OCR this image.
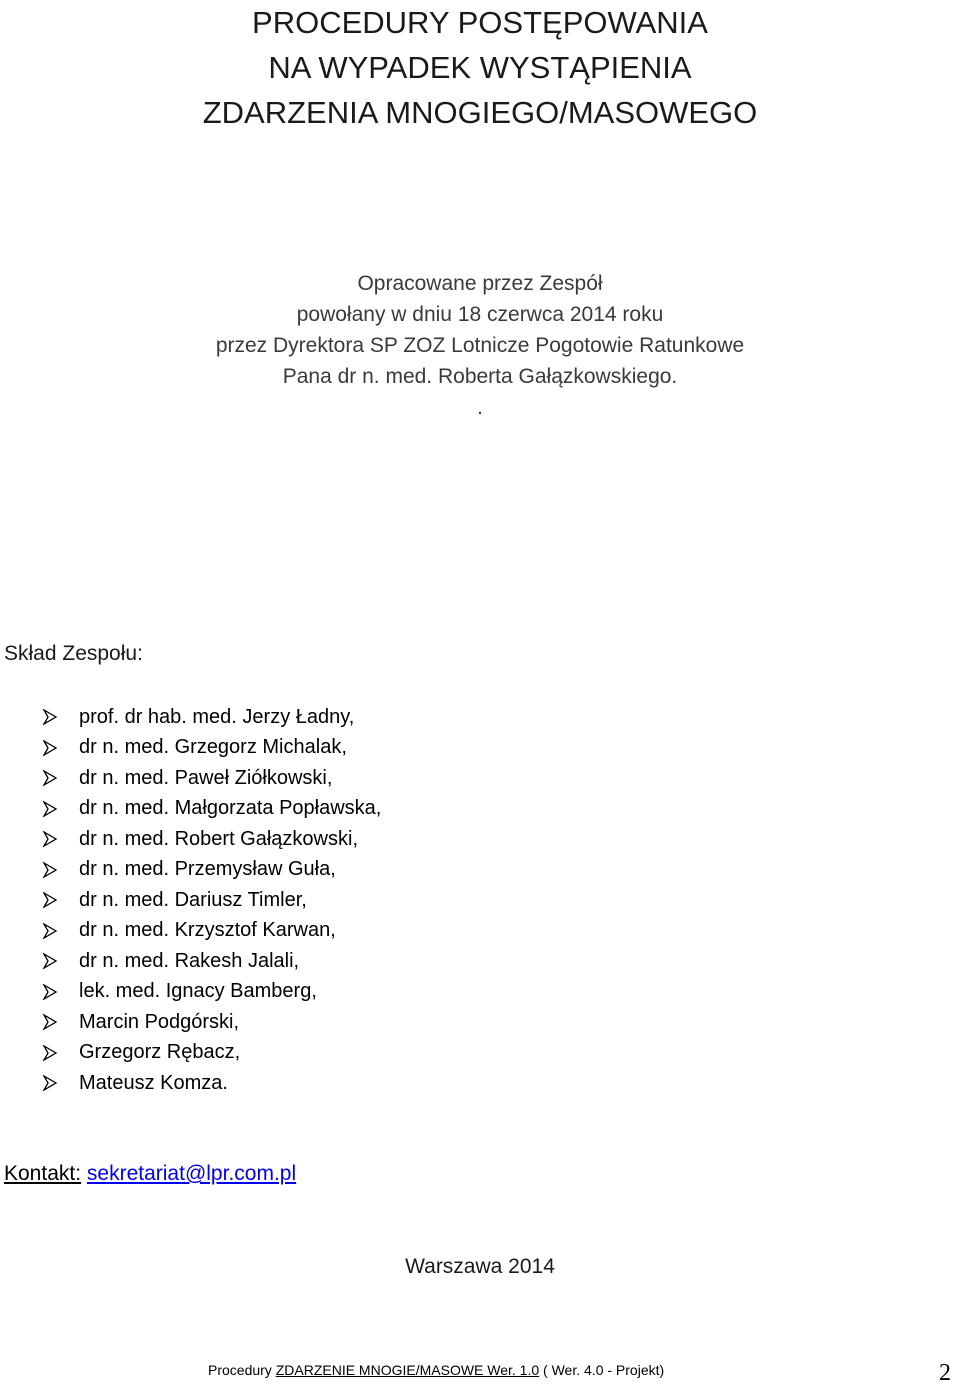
PROCEDURY POSTĘPOWANIA
NA WYPADEK WYSTĄPIENIA
ZDARZENIA MNOGIEGO/MASOWEGO
Opracowane przez Zespół
powołany w dniu 18 czerwca 2014 roku
przez Dyrektora SP ZOZ Lotnicze Pogotowie Ratunkowe
Pana dr n. med. Roberta Gałązkowskiego.
.
Skład Zespołu:
prof. dr hab. med. Jerzy Ładny,
dr n. med. Grzegorz Michalak,
dr n. med. Paweł Ziółkowski,
dr n. med. Małgorzata Popławska,
dr n. med. Robert Gałązkowski,
dr n. med. Przemysław Guła,
dr n. med. Dariusz Timler,
dr n. med. Krzysztof Karwan,
dr n. med. Rakesh Jalali,
lek. med. Ignacy Bamberg,
Marcin Podgórski,
Grzegorz Rębacz,
Mateusz Komza.
Kontakt: sekretariat@lpr.com.pl
Warszawa 2014
Procedury ZDARZENIE MNOGIE/MASOWE Wer. 1.0 ( Wer. 4.0 - Projekt)	2
